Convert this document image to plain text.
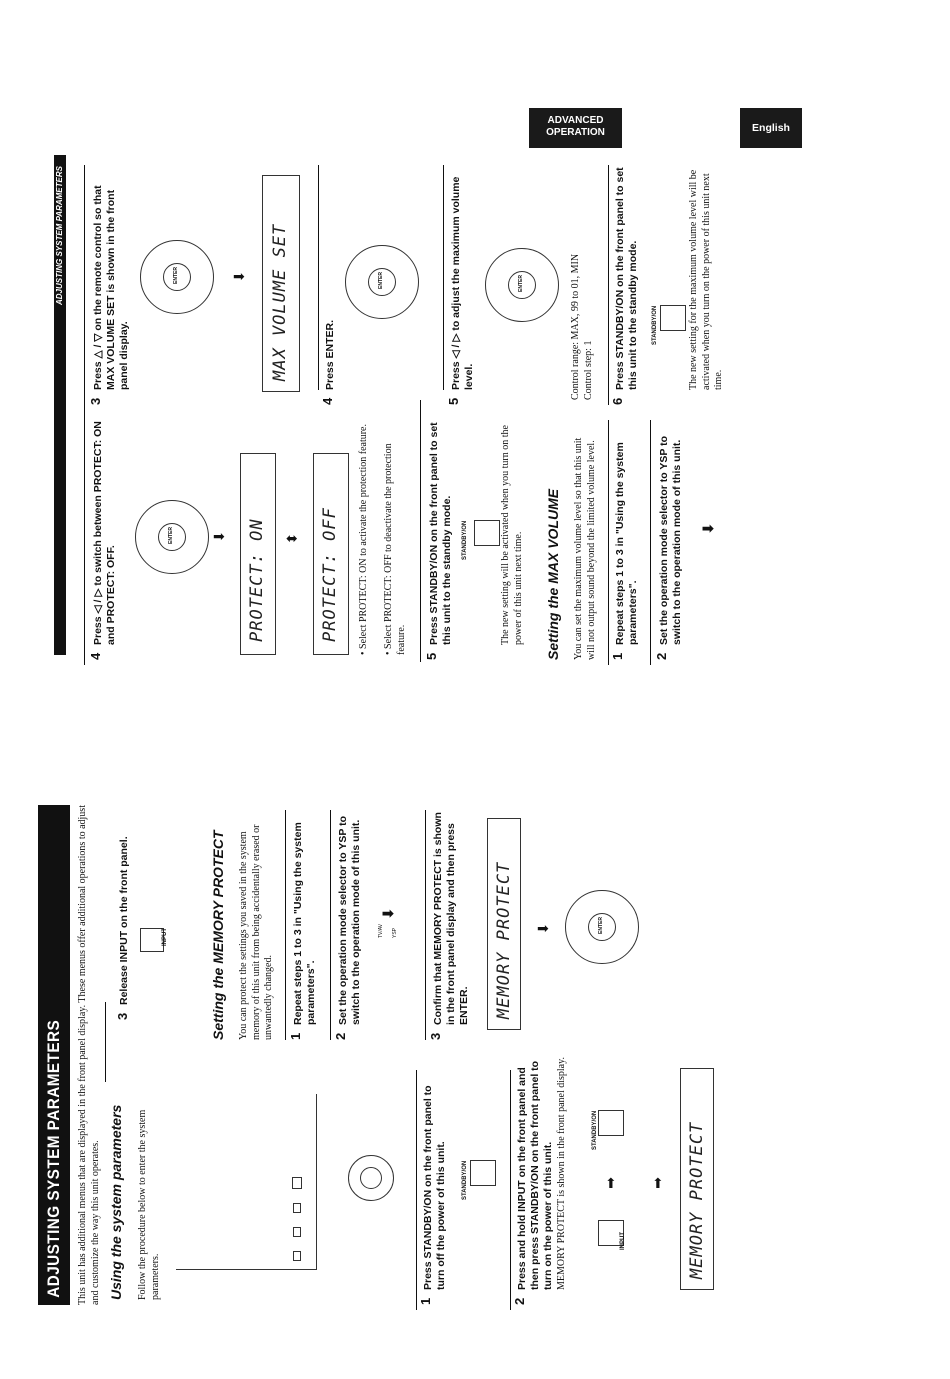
ADVANCED
OPERATION	English
ADJUSTING SYSTEM PARAMETERS	This unit has additional menus that are displayed in the front panel display. These menus offer additional operations to adjust and customize the way this unit operates. Using the system parameters Follow the procedure below to enter the system parameters.
1
Press STANDBY/ON on the front panel to turn off the power of this unit.	STANDBY/ON
2
Press and hold INPUT on the front panel and then press STANDBY/ON on the front panel to turn on the power of this unit. MEMORY PROTECT is shown in the front panel display.	INPUT
⬆
STANDBY/ON
⬆ MEMORY PROTECT
3
Release INPUT on the front panel.	INPUT	Setting the MEMORY PROTECT You can protect the settings you saved in the system memory of this unit from being accidentally erased or unwantedly changed. 1
Repeat steps 1 to 3 in "Using the system parameters".
2
Set the operation mode selector to YSP to switch to the operation mode of this unit. ➡
TV/AV YSP
3
Confirm that MEMORY PROTECT is shown in the front panel display and then press ENTER. MEMORY PROTECT ➡	ENTER
ADJUSTING SYSTEM PARAMETERS
4
Press ◁ / ▷ to switch between PROTECT: ON and PROTECT: OFF.
ENTER	➡ PROTECT: ON ⬌ PROTECT: OFF
• Select PROTECT: ON to activate the protection feature.
• Select PROTECT: OFF to deactivate the protection feature.
5
Press STANDBY/ON on the front panel to set this unit to the standby mode. STANDBY/ON	The new setting will be activated when you turn on the power of this unit next time. Setting the MAX VOLUME You can set the maximum volume level so that this unit will not output sound beyond the limited volume level. 1
Repeat steps 1 to 3 in "Using the system parameters".
2
Set the operation mode selector to YSP to switch to the operation mode of this unit. ➡
3
Press △ / ▽ on the remote control so that MAX VOLUME SET is shown in the front panel display.
ENTER	➡ MAX VOLUME SET
4
Press ENTER.
ENTER
5
Press ◁ / ▷ to adjust the maximum volume level.
ENTER	Control range: MAX, 99 to 01, MIN Control step: 1
6
Press STANDBY/ON on the front panel to set this unit to the standby mode. STANDBY/ON	The new setting for the maximum volume level will be activated when you turn on the power of this unit next time.
